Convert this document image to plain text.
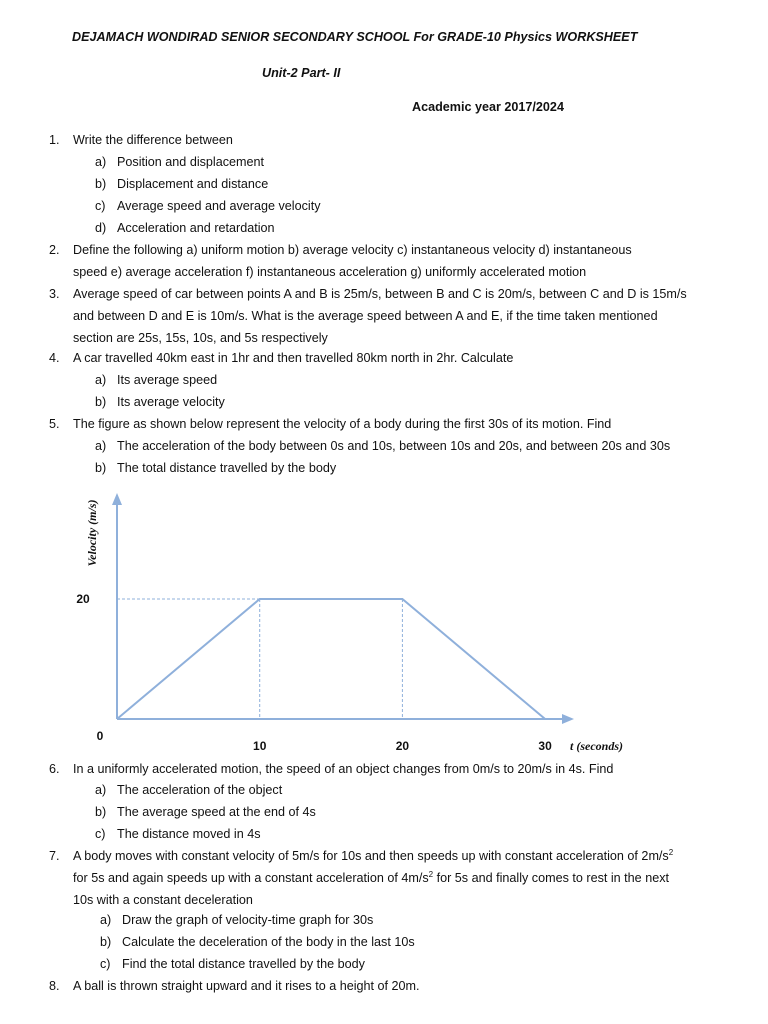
DEJAMACH WONDIRAD SENIOR SECONDARY SCHOOL For GRADE-10 Physics WORKSHEET
Unit-2 Part- II
Academic year 2017/2024
1. Write the difference between
a) Position and displacement
b) Displacement and distance
c) Average speed and average velocity
d) Acceleration and retardation
2. Define the following a) uniform motion b) average velocity c) instantaneous velocity d) instantaneous
speed e) average acceleration f) instantaneous acceleration g) uniformly accelerated motion
3. Average speed of car between points A and B is 25m/s, between B and C is 20m/s, between C and D is 15m/s
and between D and E is 10m/s. What is the average speed between A and E, if the time taken mentioned
section are 25s, 15s, 10s, and 5s respectively
4. A car travelled 40km east in 1hr and then travelled 80km north in 2hr. Calculate
a) Its average speed
b) Its average velocity
5. The figure as shown below represent the velocity of a body during the first 30s of its motion. Find
a) The acceleration of the body between 0s and 10s, between 10s and 20s, and between 20s and 30s
b) The total distance travelled by the body
10	20	30
20
0
t (seconds)
Velocity (m/s)
6. In a uniformly accelerated motion, the speed of an object changes from 0m/s to 20m/s in 4s. Find
a) The acceleration of the object
b) The average speed at the end of 4s
c) The distance moved in 4s
7. A body moves with constant velocity of 5m/s for 10s and then speeds up with constant acceleration of $2m/s^2$
for 5s and again speeds up with a constant acceleration of $4m/s^2$ for 5s and finally comes to rest in the next
10s with a constant deceleration
a) Draw the graph of velocity-time graph for 30s
b) Calculate the deceleration of the body in the last 10s
c) Find the total distance travelled by the body
8. A ball is thrown straight upward and it rises to a height of 20m.
